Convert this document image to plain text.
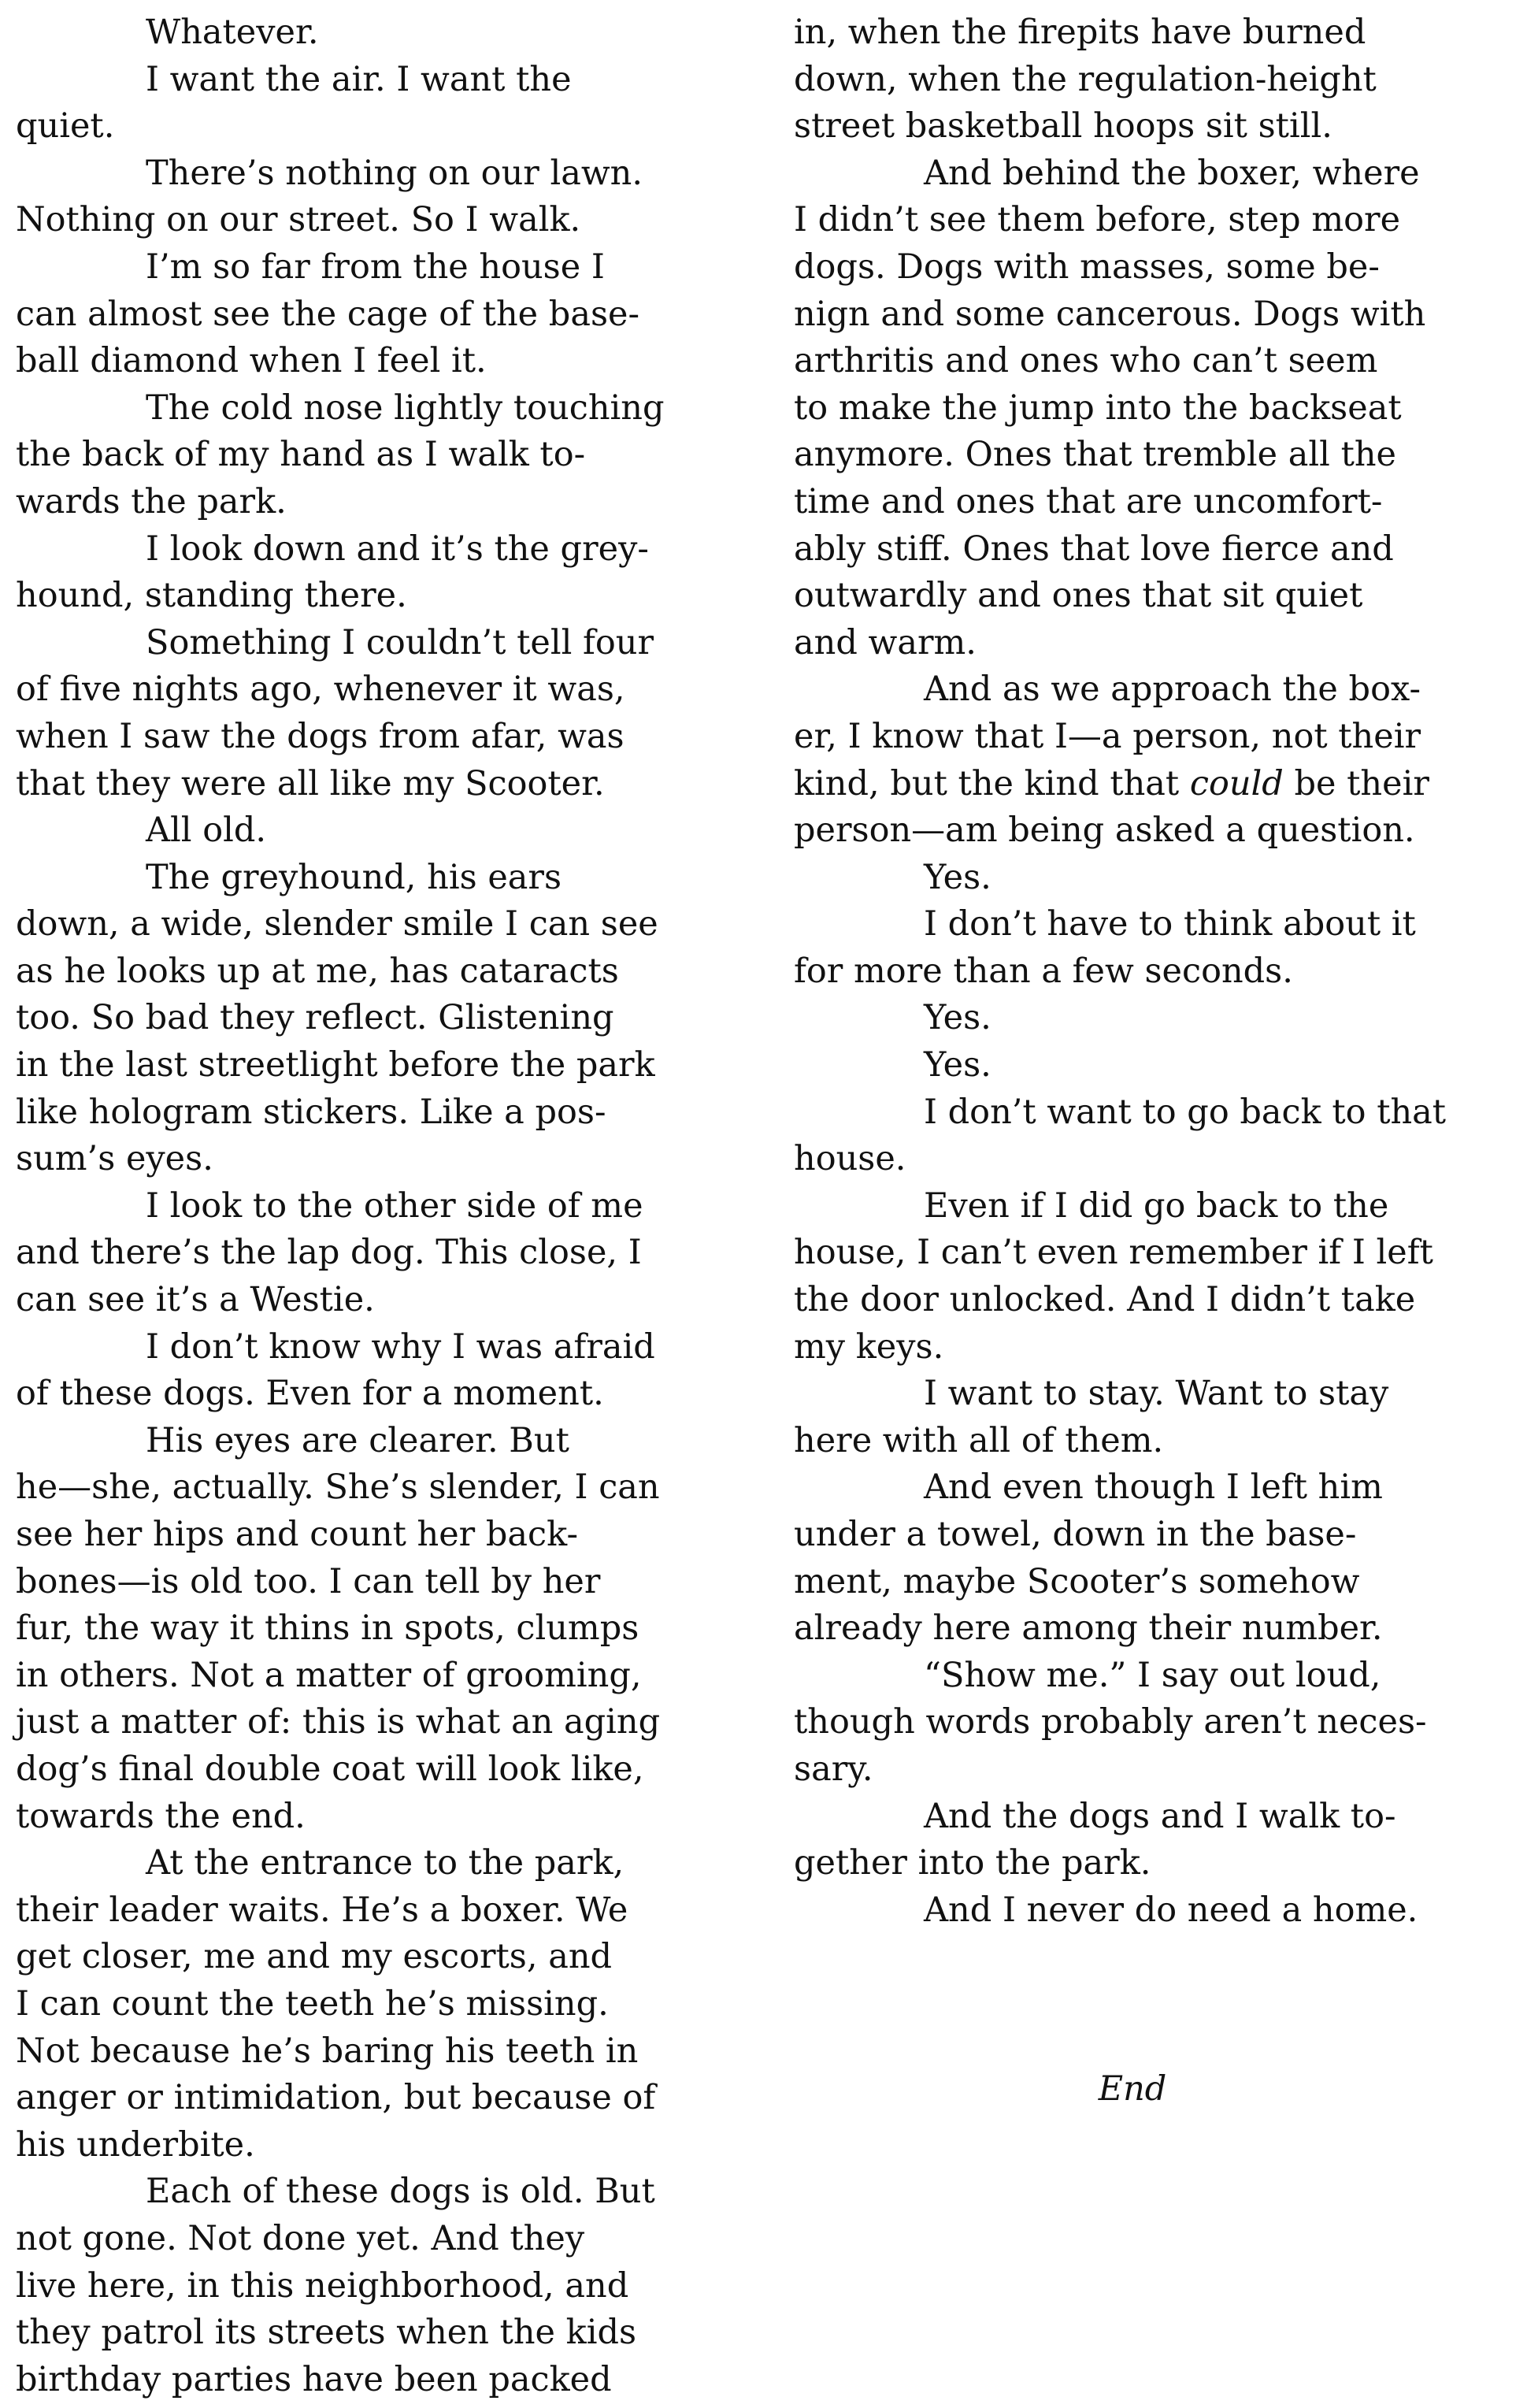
Whatever.
I want the air. I want the
quiet.
There’s nothing on our lawn.
Nothing on our street. So I walk.
I’m so far from the house I
can almost see the cage of the base-
ball diamond when I feel it.
The cold nose lightly touching
the back of my hand as I walk to-
wards the park.
I look down and it’s the grey-
hound, standing there.
Something I couldn’t tell four
of five nights ago, whenever it was,
when I saw the dogs from afar, was
that they were all like my Scooter.
All old.
The greyhound, his ears
down, a wide, slender smile I can see
as he looks up at me, has cataracts
too. So bad they reflect. Glistening
in the last streetlight before the park
like hologram stickers. Like a pos-
sum’s eyes.
I look to the other side of me
and there’s the lap dog. This close, I
can see it’s a Westie.
I don’t know why I was afraid
of these dogs. Even for a moment.
His eyes are clearer. But
he—she, actually. She’s slender, I can
see her hips and count her back-
bones—is old too. I can tell by her
fur, the way it thins in spots, clumps
in others. Not a matter of grooming,
just a matter of: this is what an aging
dog’s final double coat will look like,
towards the end.
At the entrance to the park,
their leader waits. He’s a boxer. We
get closer, me and my escorts, and
I can count the teeth he’s missing.
Not because he’s baring his teeth in
anger or intimidation, but because of
his underbite.
Each of these dogs is old. But
not gone. Not done yet. And they
live here, in this neighborhood, and
they patrol its streets when the kids
birthday parties have been packed
in, when the firepits have burned
down, when the regulation-height
street basketball hoops sit still.
And behind the boxer, where
I didn’t see them before, step more
dogs. Dogs with masses, some be-
nign and some cancerous. Dogs with
arthritis and ones who can’t seem
to make the jump into the backseat
anymore. Ones that tremble all the
time and ones that are uncomfort-
ably stiff. Ones that love fierce and
outwardly and ones that sit quiet
and warm.
And as we approach the box-
er, I know that I—a person, not their
kind, but the kind that could be their
person—am being asked a question.
Yes.
I don’t have to think about it
for more than a few seconds.
Yes.
Yes.
I don’t want to go back to that
house.
Even if I did go back to the
house, I can’t even remember if I left
the door unlocked. And I didn’t take
my keys.
I want to stay. Want to stay
here with all of them.
And even though I left him
under a towel, down in the base-
ment, maybe Scooter’s somehow
already here among their number.
“Show me.” I say out loud,
though words probably aren’t neces-
sary.
And the dogs and I walk to-
gether into the park.
And I never do need a home.
End
